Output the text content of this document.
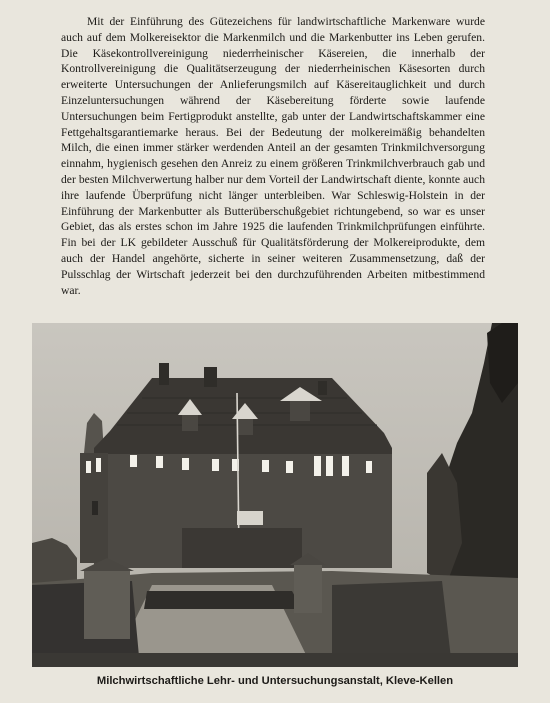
Mit der Einführung des Gütezeichens für landwirtschaftliche Markenware wurde auch auf dem Molkereisektor die Markenmilch und die Markenbutter ins Leben gerufen. Die Käsekontrollvereinigung niederrheinischer Käsereien, die innerhalb der Kontrollvereinigung die Qualitätserzeugung der niederrheinischen Käsesorten durch erweiterte Untersuchungen der Anlieferungsmilch auf Käsereitauglichkeit und durch Einzeluntersuchungen während der Käsebereitung förderte sowie laufende Untersuchungen beim Fertigprodukt anstellte, gab unter der Landwirtschaftskammer eine Fettgehaltsgarantiemarke heraus. Bei der Bedeutung der molkereimäßig behandelten Milch, die einen immer stärker werdenden Anteil an der gesamten Trinkmilchversorgung einnahm, hygienisch gesehen den Anreiz zu einem größeren Trinkmilchverbrauch gab und der besten Milchverwertung halber nur dem Vorteil der Landwirtschaft diente, konnte auch ihre laufende Überprüfung nicht länger unterbleiben. War Schleswig-Holstein in der Einführung der Markenbutter als Butterüberschußgebiet richtungebend, so war es unser Gebiet, das als erstes schon im Jahre 1925 die laufenden Trinkmilchprüfungen einführte. Fin bei der LK gebildeter Ausschuß für Qualitätsförderung der Molkereiprodukte, dem auch der Handel angehörte, sicherte in seiner weiteren Zusammensetzung, daß der Pulsschlag der Wirtschaft jederzeit bei den durchzuführenden Arbeiten mitbestimmend war.

Milchwirtschaftliche Lehr- und Untersuchungsanstalt, Kleve-Kellen
